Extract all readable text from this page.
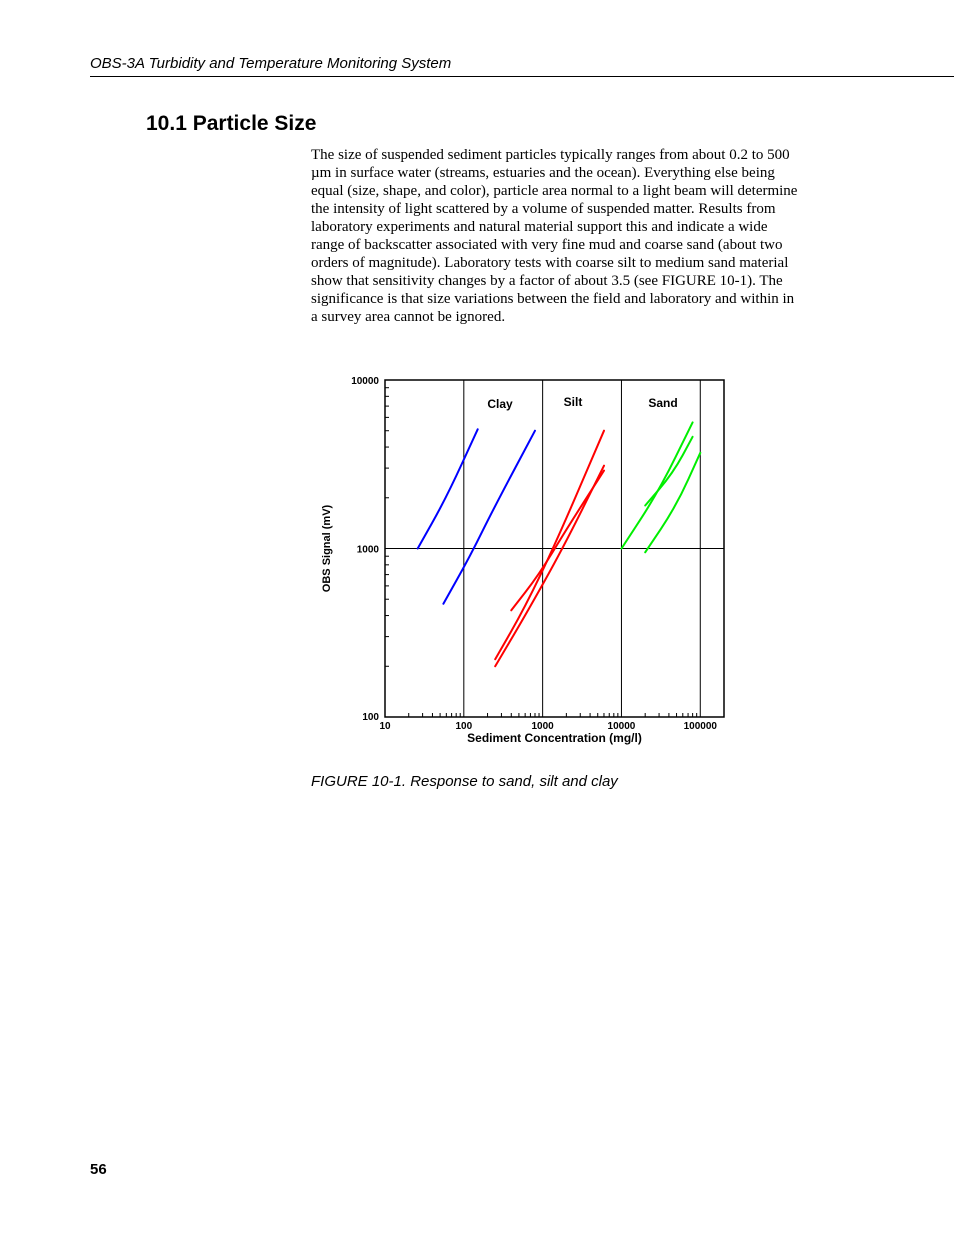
OBS-3A Turbidity and Temperature Monitoring System
10.1 Particle Size

The size of suspended sediment particles typically ranges from about 0.2 to 500 µm in surface water (streams, estuaries and the ocean). Everything else being equal (size, shape, and color), particle area normal to a light beam will determine the intensity of light scattered by a volume of suspended matter. Results from laboratory experiments and natural material support this and indicate a wide range of backscatter associated with very fine mud and coarse sand (about two orders of magnitude). Laboratory tests with coarse silt to medium sand material show that sensitivity changes by a factor of about 3.5 (see FIGURE 10-1). The significance is that size variations between the field and laboratory and within in a survey area cannot be ignored.

10	100	1000	10000	100000
100
1000
10000
Sediment Concentration (mg/l)
OBS Signal (mV)
Clay	Silt	Sand
FIGURE 10-1. Response to sand, silt and clay
56
